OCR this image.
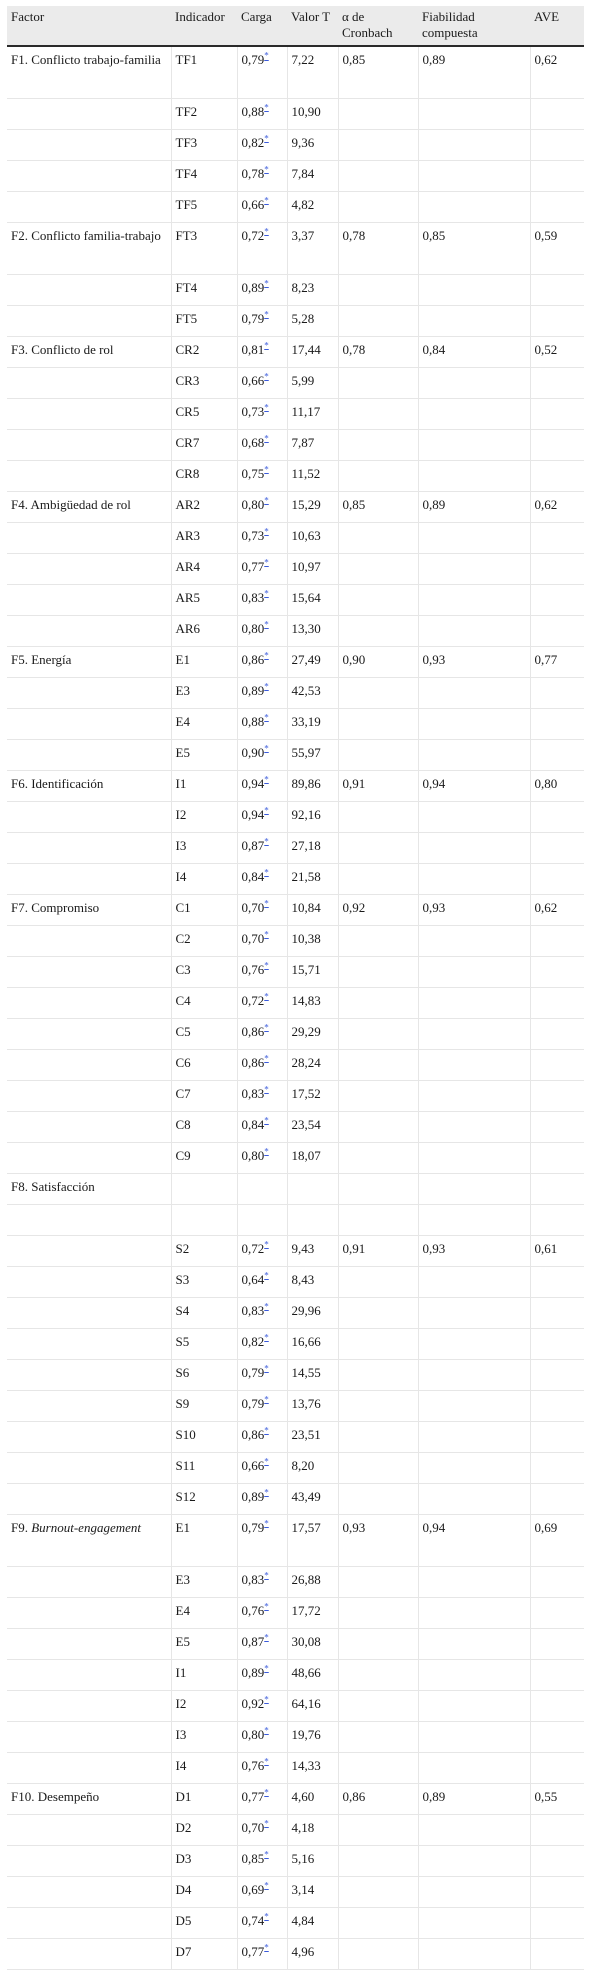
Factor	Indicador	Carga	Valor T	α de Cronbach	Fiabilidad compuesta	AVE
F1. Conflicto trabajo-familia	TF1	0,79*	7,22	0,85	0,89	0,62
	TF2	0,88*	10,90			
	TF3	0,82*	9,36			
	TF4	0,78*	7,84			
	TF5	0,66*	4,82			
F2. Conflicto familia-trabajo	FT3	0,72*	3,37	0,78	0,85	0,59
	FT4	0,89*	8,23			
	FT5	0,79*	5,28			
F3. Conflicto de rol	CR2	0,81*	17,44	0,78	0,84	0,52
	CR3	0,66*	5,99			
	CR5	0,73*	11,17			
	CR7	0,68*	7,87			
	CR8	0,75*	11,52			
F4. Ambigüedad de rol	AR2	0,80*	15,29	0,85	0,89	0,62
	AR3	0,73*	10,63			
	AR4	0,77*	10,97			
	AR5	0,83*	15,64			
	AR6	0,80*	13,30			
F5. Energía	E1	0,86*	27,49	0,90	0,93	0,77
	E3	0,89*	42,53			
	E4	0,88*	33,19			
	E5	0,90*	55,97			
F6. Identificación	I1	0,94*	89,86	0,91	0,94	0,80
	I2	0,94*	92,16			
	I3	0,87*	27,18			
	I4	0,84*	21,58			
F7. Compromiso	C1	0,70*	10,84	0,92	0,93	0,62
	C2	0,70*	10,38			
	C3	0,76*	15,71			
	C4	0,72*	14,83			
	C5	0,86*	29,29			
	C6	0,86*	28,24			
	C7	0,83*	17,52			
	C8	0,84*	23,54			
	C9	0,80*	18,07			
F8. Satisfacción						

	S2	0,72*	9,43	0,91	0,93	0,61
	S3	0,64*	8,43			
	S4	0,83*	29,96			
	S5	0,82*	16,66			
	S6	0,79*	14,55			
	S9	0,79*	13,76			
	S10	0,86*	23,51			
	S11	0,66*	8,20			
	S12	0,89*	43,49			
F9. Burnout-engagement	E1	0,79*	17,57	0,93	0,94	0,69
	E3	0,83*	26,88			
	E4	0,76*	17,72			
	E5	0,87*	30,08			
	I1	0,89*	48,66			
	I2	0,92*	64,16			
	I3	0,80*	19,76			
	I4	0,76*	14,33			
F10. Desempeño	D1	0,77*	4,60	0,86	0,89	0,55
	D2	0,70*	4,18			
	D3	0,85*	5,16			
	D4	0,69*	3,14			
	D5	0,74*	4,84			
	D7	0,77*	4,96			
